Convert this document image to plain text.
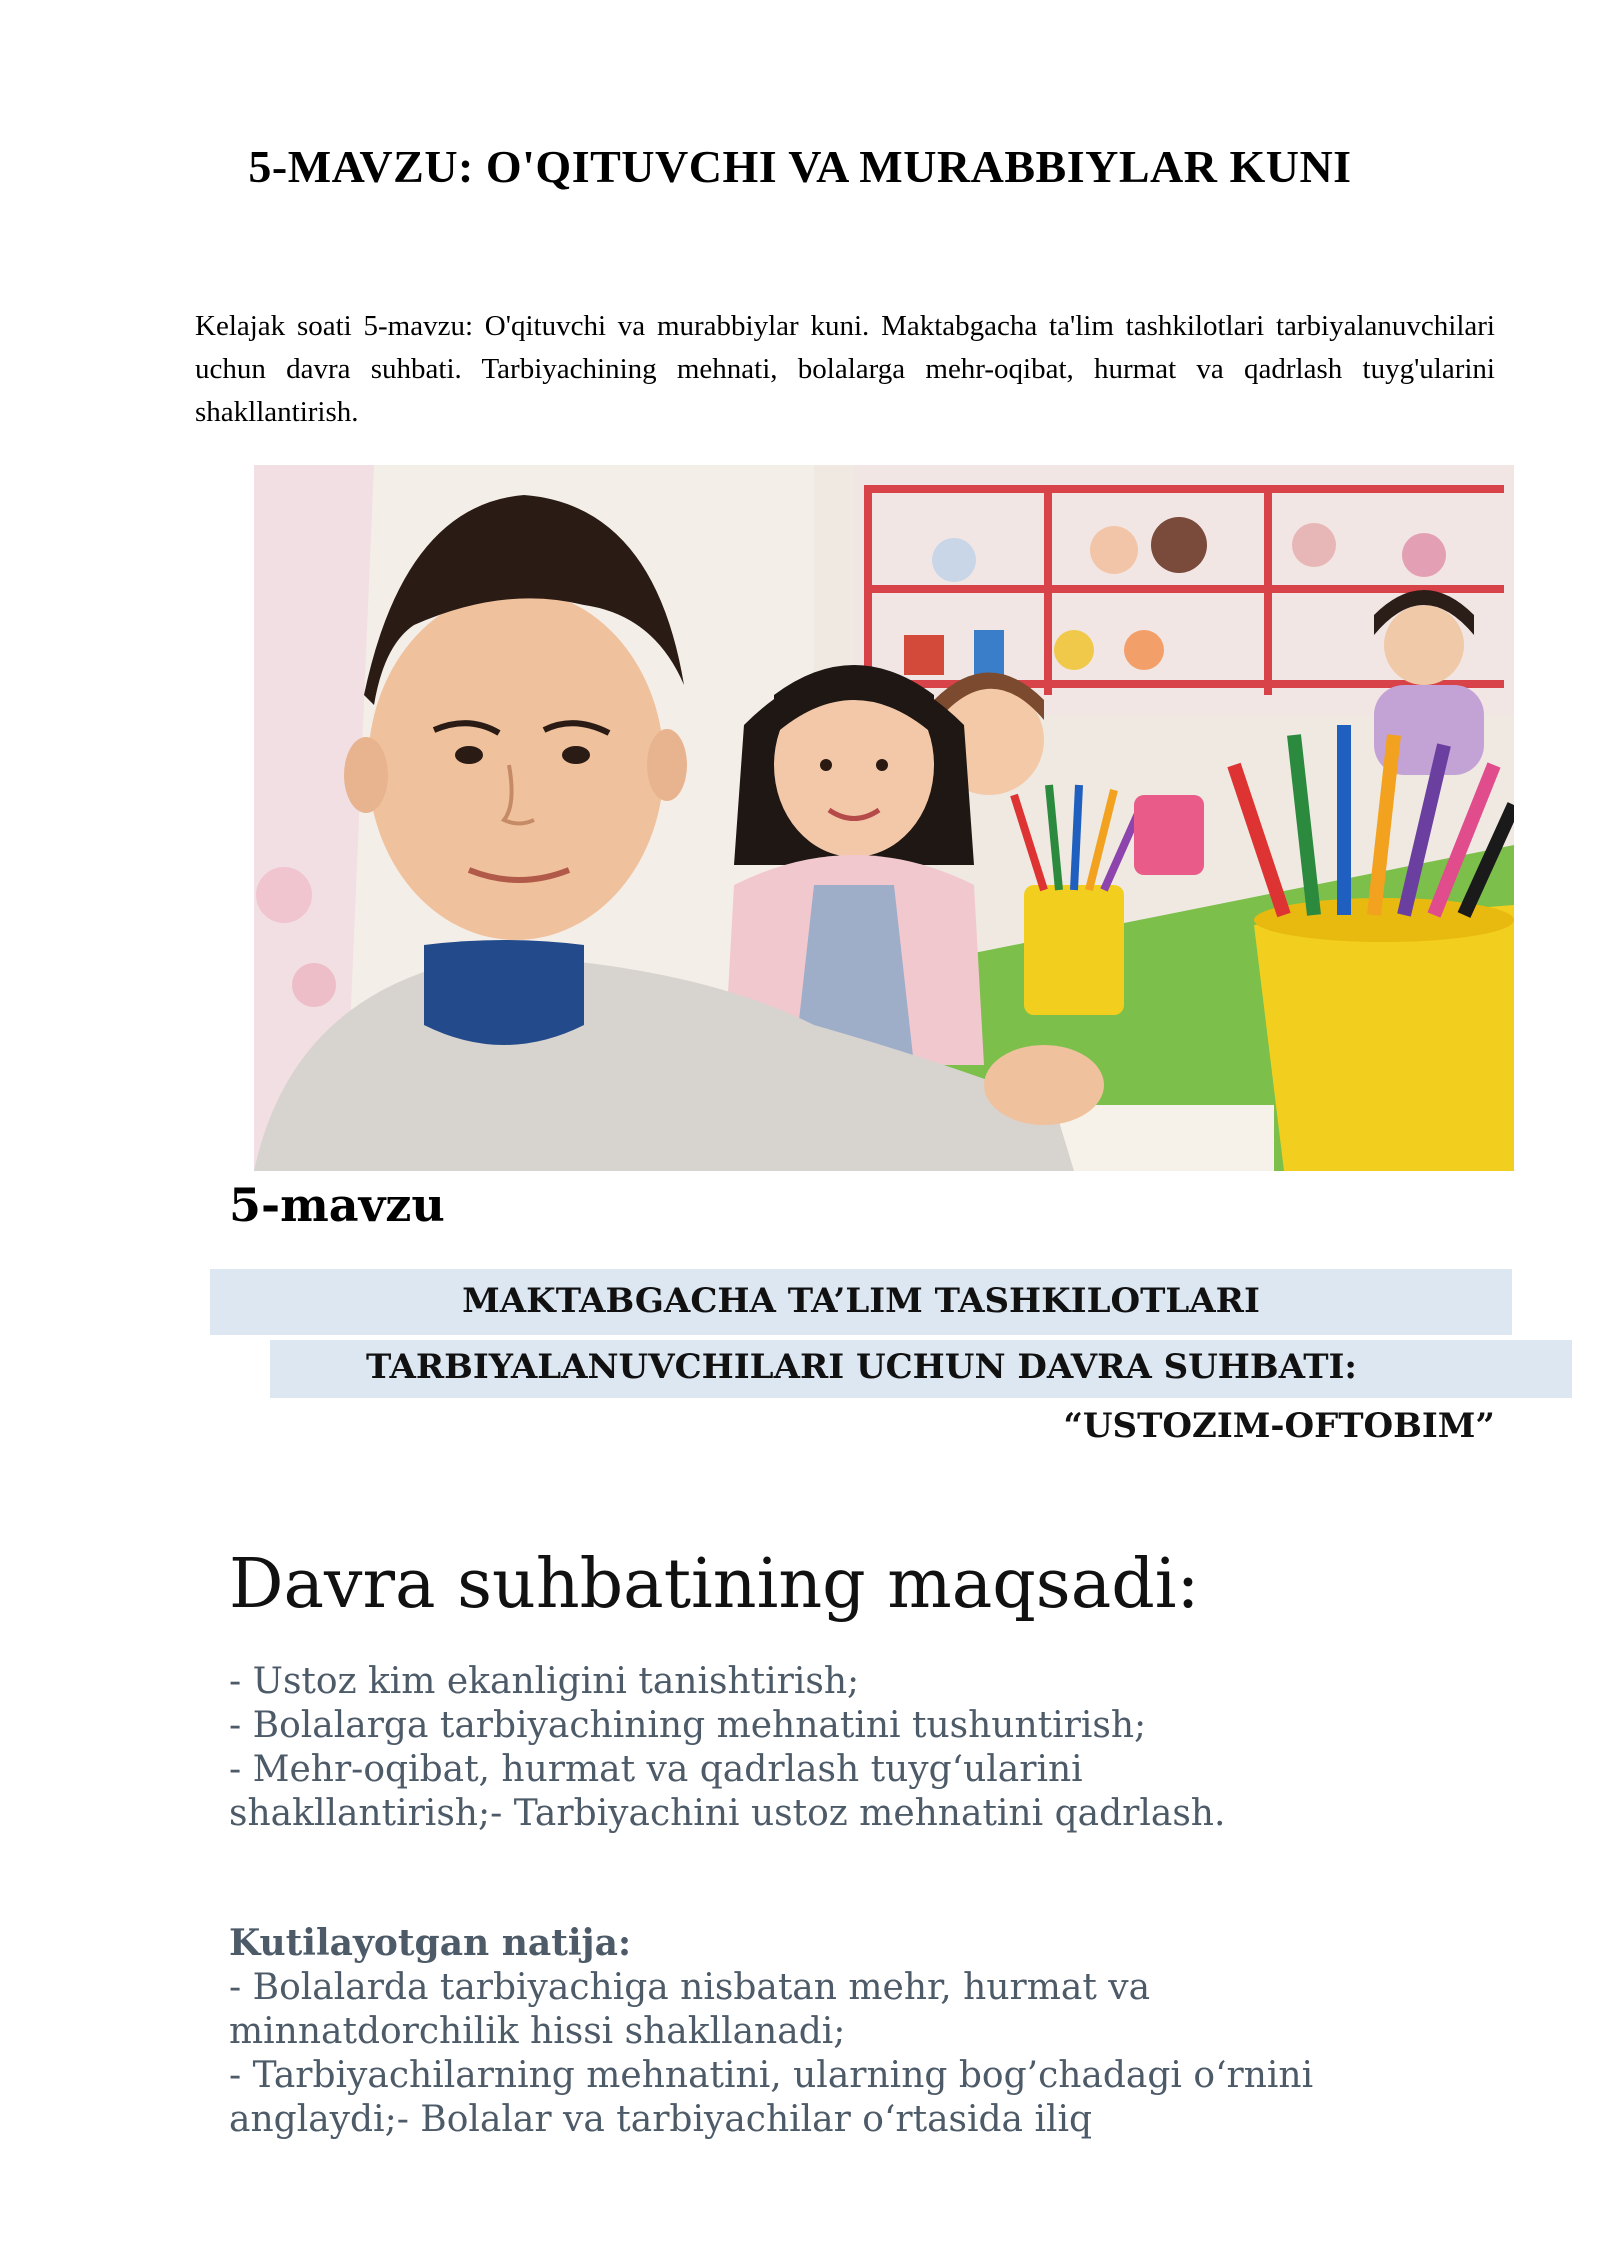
5-MAVZU: O'QITUVCHI VA MURABBIYLAR KUNI

Kelajak soati 5-mavzu: O'qituvchi va murabbiylar kuni. Maktabgacha ta'lim tashkilotlari tarbiyalanuvchilari uchun davra suhbati. Tarbiyachining mehnati, bolalarga mehr-oqibat, hurmat va qadrlash tuyg'ularini shakllantirish.

5-mavzu
MAKTABGACHA TA’LIM TASHKILOTLARI
TARBIYALANUVCHILARI UCHUN DAVRA SUHBATI:
“USTOZIM-OFTOBIM”
Davra suhbatining maqsadi:

- Ustoz kim ekanligini tanishtirish;

- Bolalarga tarbiyachining mehnatini tushuntirish;

- Mehr-oqibat, hurmat va qadrlash tuyg‘ularini shakllantirish;- Tarbiyachini ustoz mehnatini qadrlash.

Kutilayotgan natija:

- Bolalarda tarbiyachiga nisbatan mehr, hurmat va minnatdorchilik hissi shakllanadi;

- Tarbiyachilarning mehnatini, ularning bog’chadagi o‘rnini anglaydi;- Bolalar va tarbiyachilar o‘rtasida iliq
